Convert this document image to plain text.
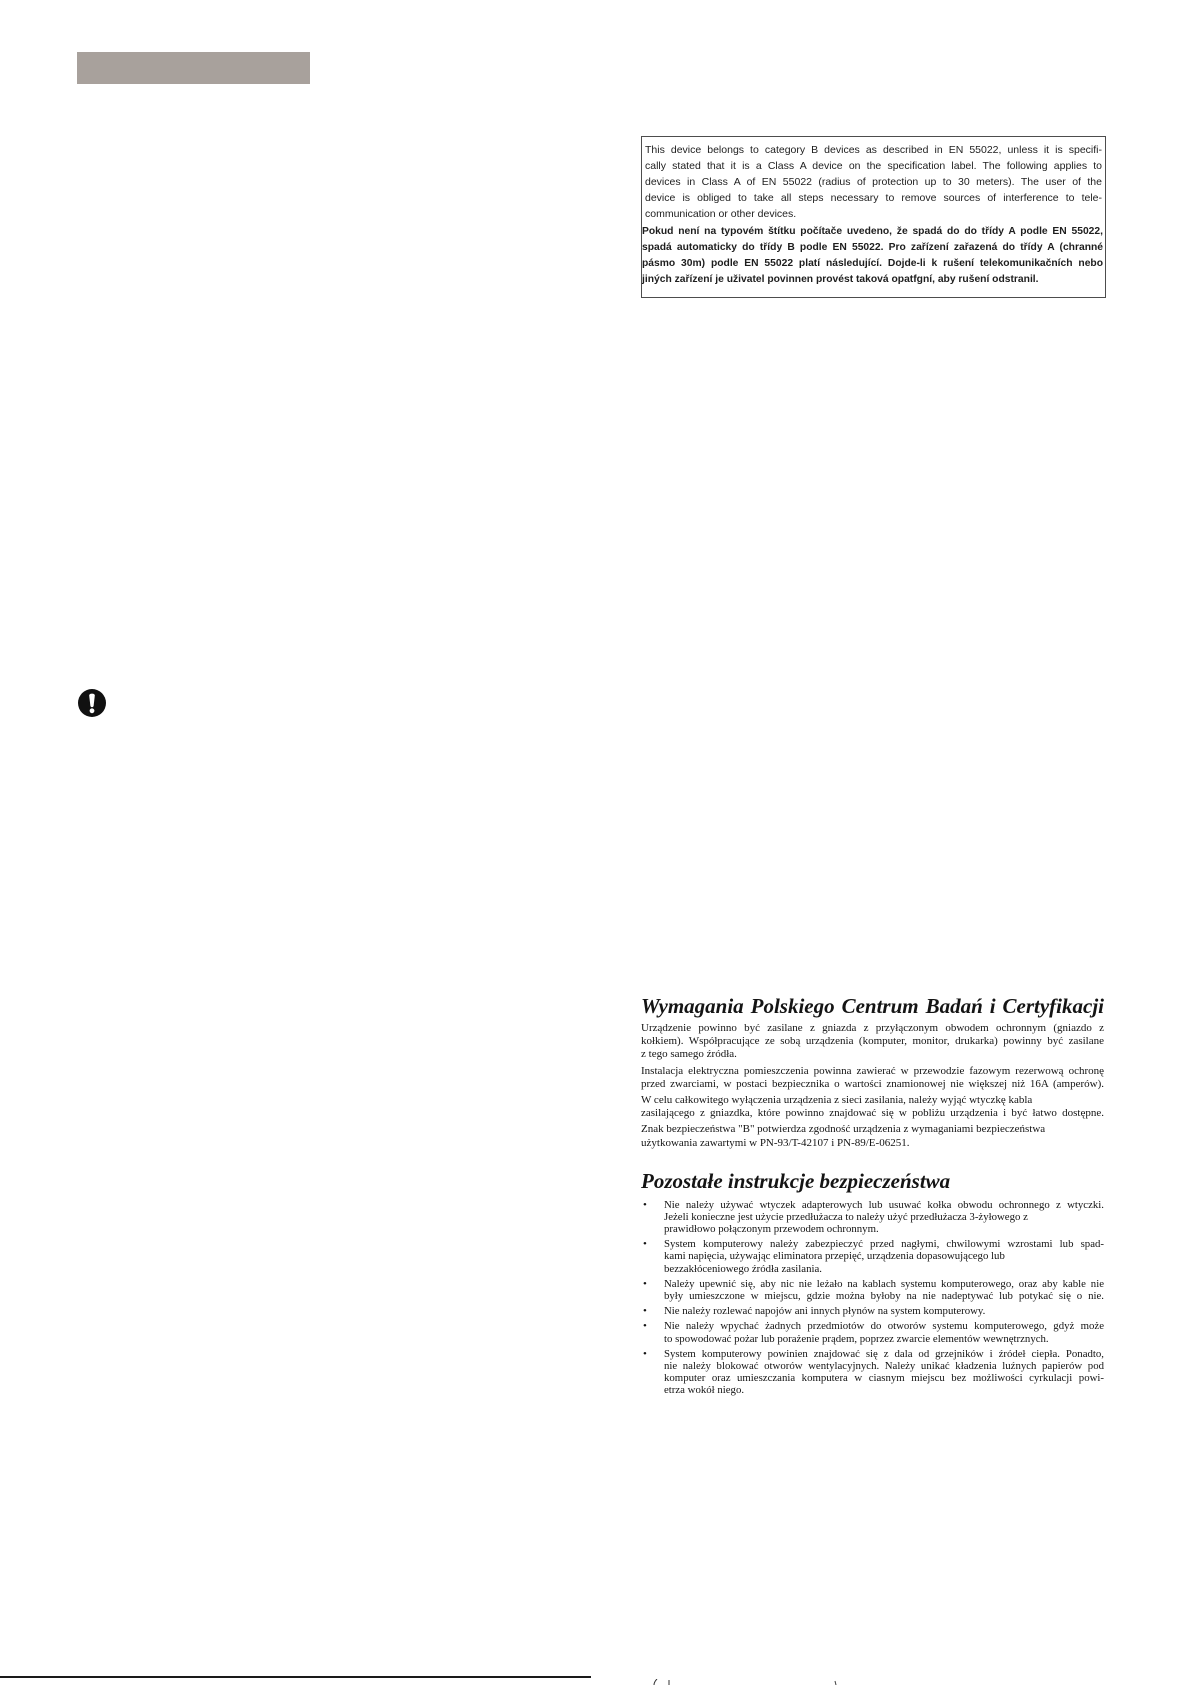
This device belongs to category B devices as described in EN 55022, unless it is specifi-
cally stated that it is a Class A device on the specification label. The following applies to
devices in Class A of EN 55022 (radius of protection up to 30 meters). The user of the
device is obliged to take all steps necessary to remove sources of interference to tele-
communication or other devices.
Pokud není na typovém štítku počítače uvedeno, že spadá do do třídy A podle EN 55022,
spadá automaticky do třídy B podle EN 55022. Pro zařízení zařazená do třídy A (chranné
pásmo 30m) podle EN 55022 platí následující. Dojde-li k rušení telekomunikačních nebo
jiných zařízení je uživatel povinnen provést taková opatfgní, aby rušení odstranil.
Wymagania Polskiego Centrum Badań i Certyfikacji
Urządzenie powinno być zasilane z gniazda z przyłączonym obwodem ochronnym (gniazdo z
kołkiem). Współpracujące ze sobą urządzenia (komputer, monitor, drukarka) powinny być zasilane
z tego samego źródła.
Instalacja elektryczna pomieszczenia powinna zawierać w przewodzie fazowym rezerwową ochronę
przed zwarciami, w postaci bezpiecznika o wartości znamionowej nie większej niż 16A (amperów).
W celu całkowitego wyłączenia urządzenia z sieci zasilania, należy wyjąć wtyczkę kabla
zasilającego z gniazdka, które powinno znajdować się w pobliżu urządzenia i być łatwo dostępne.
Znak bezpieczeństwa "B" potwierdza zgodność urządzenia z wymaganiami bezpieczeństwa
użytkowania zawartymi w PN-93/T-42107 i PN-89/E-06251.
Pozostałe instrukcje bezpieczeństwa
• Nie należy używać wtyczek adapterowych lub usuwać kołka obwodu ochronnego z wtyczki.
Jeżeli konieczne jest użycie przedłużacza to należy użyć przedłużacza 3-żyłowego z
prawidłowo połączonym przewodem ochronnym.
• System komputerowy należy zabezpieczyć przed nagłymi, chwilowymi wzrostami lub spad-
kami napięcia, używając eliminatora przepięć, urządzenia dopasowującego lub
bezzakłóceniowego źródła zasilania.
• Należy upewnić się, aby nic nie leżało na kablach systemu komputerowego, oraz aby kable nie
były umieszczone w miejscu, gdzie można byłoby na nie nadeptywać lub potykać się o nie.
• Nie należy rozlewać napojów ani innych płynów na system komputerowy.
• Nie należy wpychać żadnych przedmiotów do otworów systemu komputerowego, gdyż może
to spowodować pożar lub porażenie prądem, poprzez zwarcie elementów wewnętrznych.
• System komputerowy powinien znajdować się z dala od grzejników i źródeł ciepła. Ponadto,
nie należy blokować otworów wentylacyjnych. Należy unikać kładzenia luźnych papierów pod
komputer oraz umieszczania komputera w ciasnym miejscu bez możliwości cyrkulacji powi-
etrza wokół niego.
